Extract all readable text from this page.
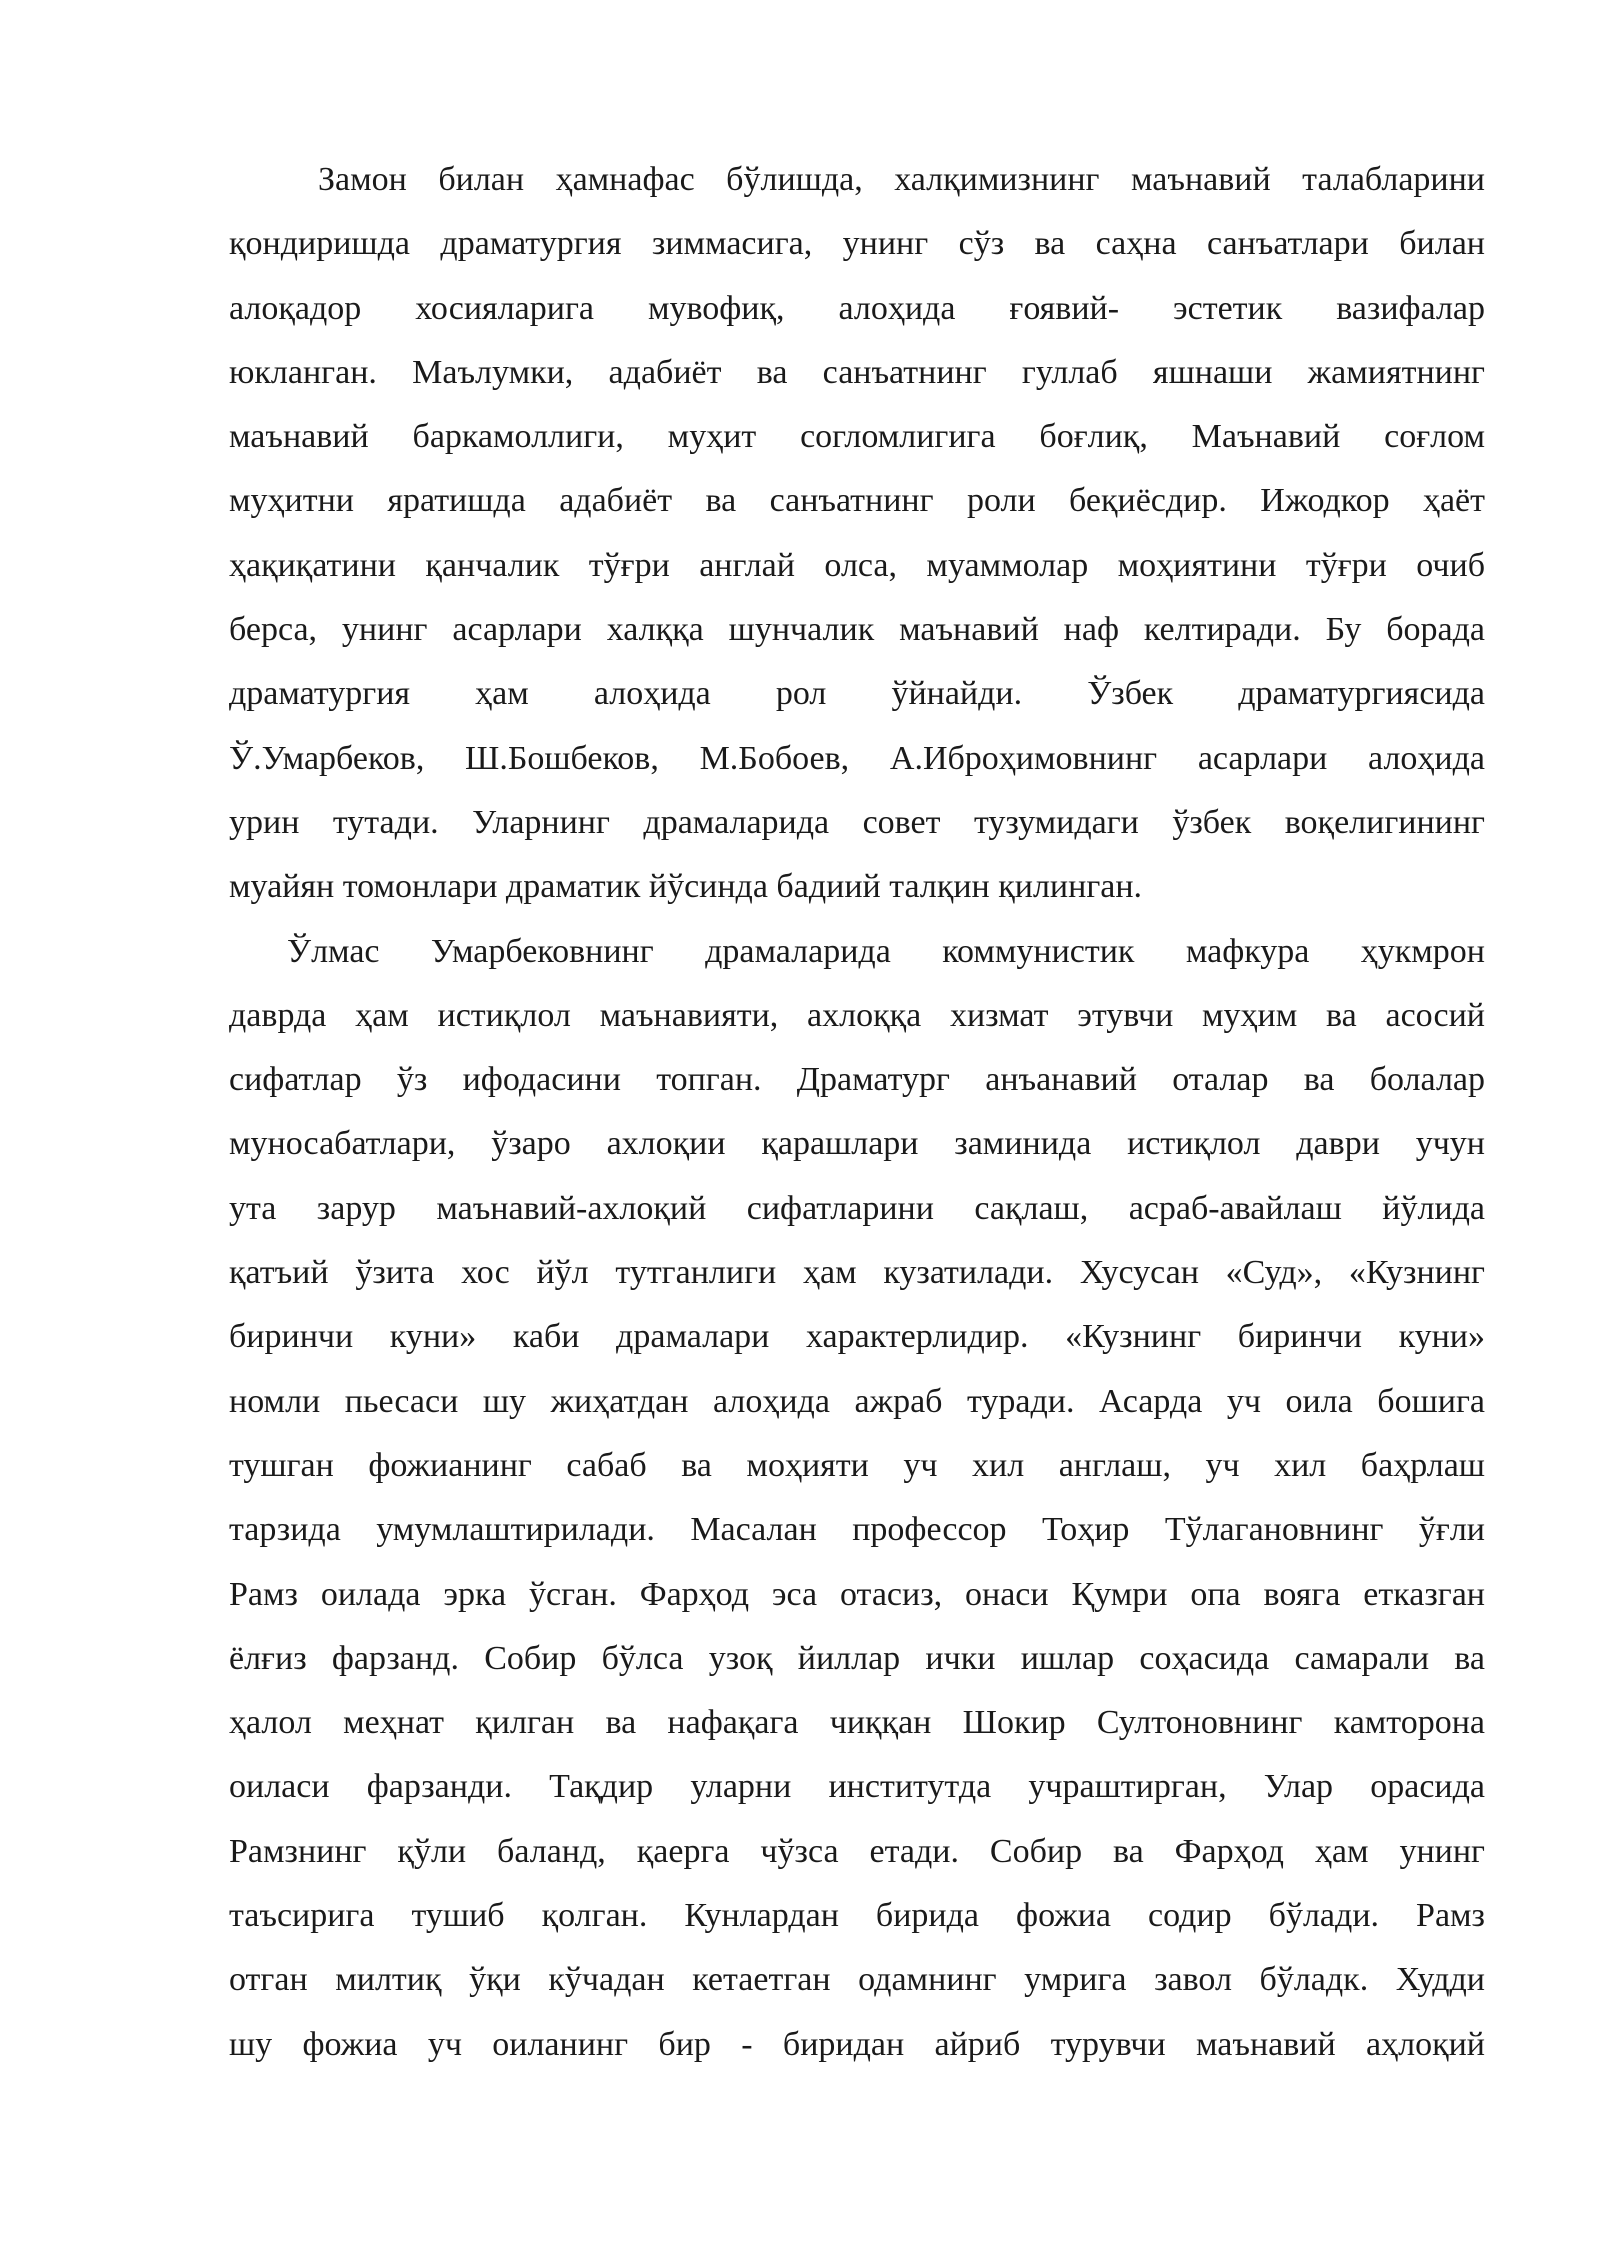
Замон билан ҳамнафас бўлишда, халқимизнинг маънавий талабларини
қондиришда драматургия зиммасига, унинг сўз ва саҳна санъатлари билан
алоқадор хосияларига мувофиқ, алоҳида ғоявий- эстетик вазифалар
юкланган. Маълумки, адабиёт ва санъатнинг гуллаб яшнаши жамиятнинг
маънавий баркамоллиги, муҳит согломлигига боғлиқ, Маънавий соғлом
муҳитни яратишда адабиёт ва санъатнинг роли беқиёсдир. Ижодкор ҳаёт
ҳақиқатини қанчалик тўғри англай олса, муаммолар моҳиятини тўғри очиб
берса, унинг асарлари халққа шунчалик маънавий наф келтиради. Бу борада
драматургия ҳам алоҳида рол ўйнайди. Ўзбек драматургиясида
Ў.Умарбеков, Ш.Бошбеков, М.Бобоев, А.Иброҳимовнинг асарлари алоҳида
урин тутади. Уларнинг драмаларида совет тузумидаги ўзбек воқелигининг
муайян томонлари драматик йўсинда бадиий талқин қилинган.
Ўлмас Умарбековнинг драмаларида коммунистик мафкура ҳукмрон
даврда ҳам истиқлол маънавияти, ахлоққа хизмат этувчи муҳим ва асосий
сифатлар ўз ифодасини топган. Драматург анъанавий оталар ва болалар
муносабатлари, ўзаро ахлоқии қарашлари заминида истиқлол даври учун
ута зарур маънавий-ахлоқий сифатларини сақлаш, асраб-авайлаш йўлида
қатъий ўзита хос йўл тутганлиги ҳам кузатилади. Хусусан «Суд», «Кузнинг
биринчи куни» каби драмалари характерлидир. «Кузнинг биринчи куни»
номли пьесаси шу жиҳатдан алоҳида ажраб туради. Асарда уч оила бошига
тушган фожианинг сабаб ва моҳияти уч хил англаш, уч хил баҳрлаш
тарзида умумлаштирилади. Масалан профессор Тоҳир Тўлагановнинг ўғли
Рамз оилада эрка ўсган. Фарҳод эса отасиз, онаси Қумри опа вояга етказган
ёлғиз фарзанд. Собир бўлса узоқ йиллар ички ишлар соҳасида самарали ва
ҳалол меҳнат қилган ва нафақага чиққан Шокир Султоновнинг камторона
оиласи фарзанди. Тақдир уларни институтда учраштирган, Улар орасида
Рамзнинг қўли баланд, қаерга чўзса етади. Собир ва Фарҳод ҳам унинг
таъсирига тушиб қолган. Кунлардан бирида фожиа содир бўлади. Рамз
отган милтиқ ўқи кўчадан кетаетган одамнинг умрига завол бўладк. Худди
шу фожиа уч оиланинг бир - биридан айриб турувчи маънавий аҳлоқий
